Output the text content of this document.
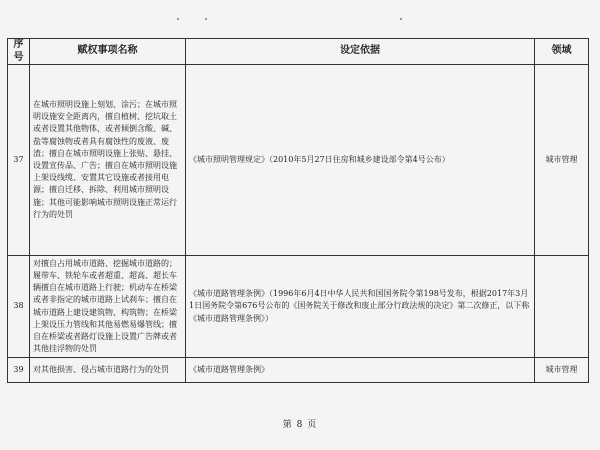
序号	赋权事项名称	设定依据	领域
37	在城市照明设施上刻划、涂污；在城市照明设施安全距离内，擅自植树、挖坑取土或者设置其他物体，或者倾倒含酸、碱、盐等腐蚀物或者具有腐蚀性的废液、废渣；擅自在城市照明设施上张贴、悬挂、设置宣传品、广告；擅自在城市照明设施上架设线缆、安置其它设施或者接用电源；擅自迁移、拆除、利用城市照明设施；其他可能影响城市照明设施正常运行行为的处罚	《城市照明管理规定》（2010年5月27日住房和城乡建设部令第4号公布）	城市管理
38	对擅自占用城市道路、挖掘城市道路的；履带车、铁轮车或者超重、超高、超长车辆擅自在城市道路上行驶；机动车在桥梁或者非指定的城市道路上试刹车；擅自在城市道路上建设建筑物、构筑物；在桥梁上架设压力管线和其他易燃易爆管线；擅自在桥梁或者路灯设施上设置广告牌或者其他挂浮物的处罚	《城市道路管理条例》（1996年6月4日中华人民共和国国务院令第198号发布，根据2017年3月1日国务院令第676号公布的《国务院关于修改和废止部分行政法规的决定》第二次修正，以下称《城市道路管理条例》）	
39	对其他损害、侵占城市道路行为的处罚	《城市道路管理条例》	城市管理
第 8 页
